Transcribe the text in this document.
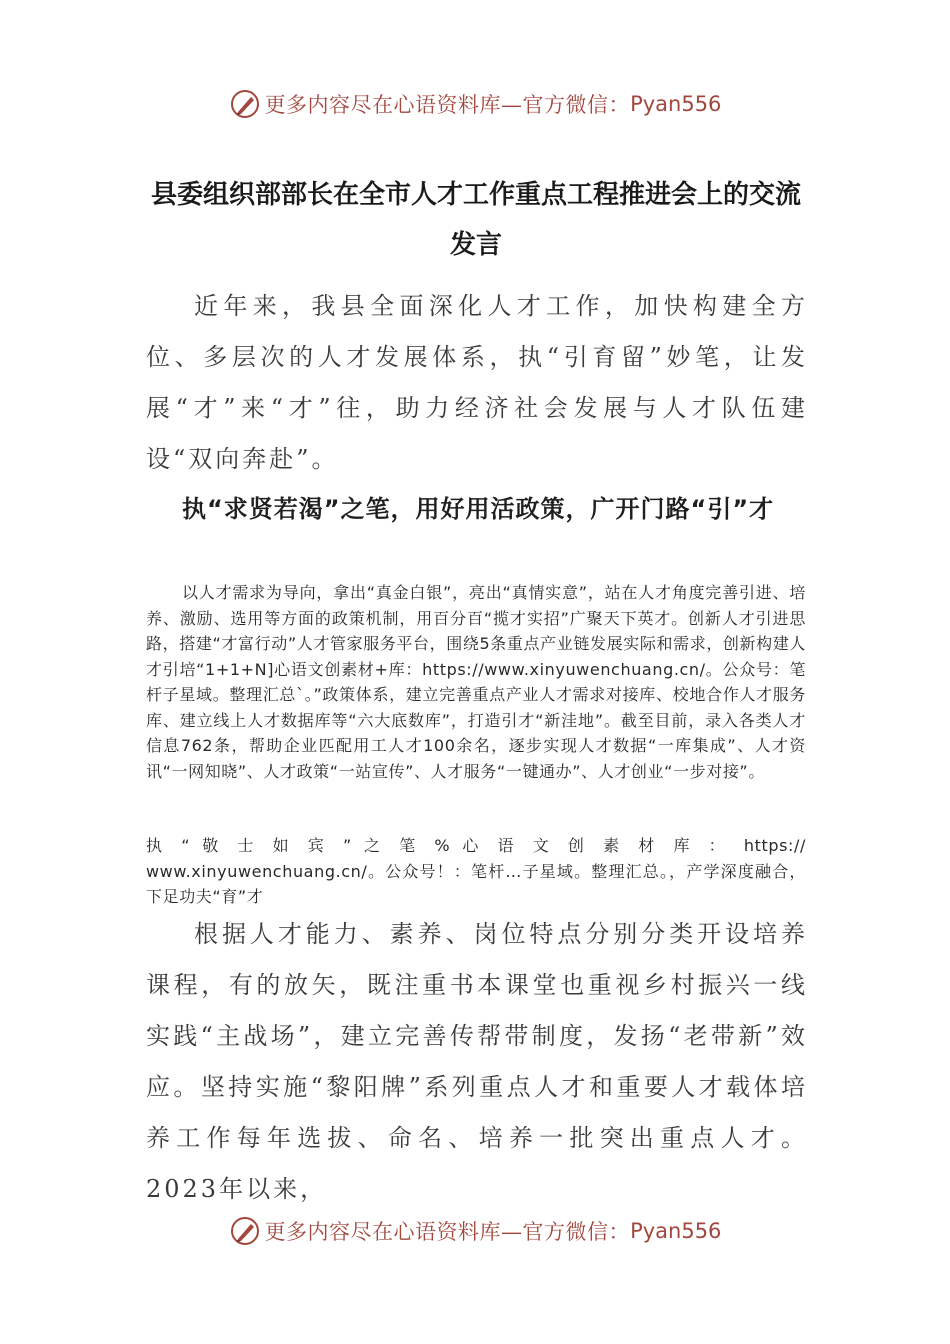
更多内容尽在心语资料库—官方微信： Pyan556
县委组织部部长在全市人才工作重点工程推进会上的交流
发言

近年来，我县全面深化人才工作，加快构建全方位、多层次的人才发展体系，执“引育留”妙笔，让发展“才”来“才”往，助力经济社会发展与人才队伍建设“双向奔赴”。

执“求贤若渴”之笔，用好用活政策，广开门路“引”才

以人才需求为导向，拿出“真金白银”，亮出“真情实意”，站在人才角度完善引进、培养、激励、选用等方面的政策机制，用百分百“揽才实招”广聚天下英才。创新人才引进思路，搭建“才富行动”人才管家服务平台，围绕5条重点产业链发展实际和需求，创新构建人才引培“1+1+N]心语文创素材+库：https://www.xinyuwenchuang.cn/。公众号：笔杆子星域。整理汇总`。”政策体系，建立完善重点产业人才需求对接库、校地合作人才服务库、建立线上人才数据库等“六大底数库”，打造引才“新洼地”。截至目前，录入各类人才信息762条，帮助企业匹配用工人才100余名，逐步实现人才数据“一库集成”、人才资讯“一网知晓”、人才政策“一站宣传”、人才服务“一键通办”、人才创业“一步对接”。

执 “ 敬 士 如 宾 ” 之 笔 % 心 语 文 创 素 材 库 ： https:// www.xinyuwenchuang.cn/。公众号！：笔杆…子星域。整理汇总。，产学深度融合，下足功夫“育”才

根据人才能力、素养、岗位特点分别分类开设培养课程，有的放矢，既注重书本课堂也重视乡村振兴一线实践“主战场”，建立完善传帮带制度，发扬“老带新”效应。坚持实施“黎阳牌”系列重点人才和重要人才载体培养工作每年选拔、命名、培养一批突出重点人才。2023年以来，

更多内容尽在心语资料库—官方微信： Pyan556
